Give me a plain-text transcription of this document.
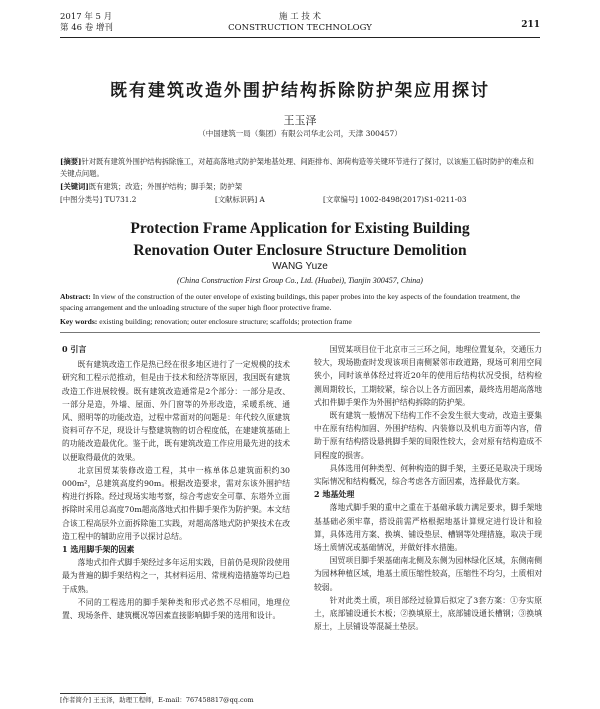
2017 年 5 月
第 46 卷 增刊
施 工 技 术
CONSTRUCTION TECHNOLOGY	211
既有建筑改造外围护结构拆除防护架应用探讨
王玉泽
（中国建筑一局（集团）有限公司华北公司，天津 300457）
[摘要]针对既有建筑外围护结构拆除施工，对超高落地式防护架地基处理、间距排布、卸荷构造等关键环节进行了探讨，以该施工临时防护的难点和关键点问题。
[关键词]既有建筑；改造；外围护结构；脚手架；防护架
[中图分类号] TU731.2	[文献标识码] A	[文章编号] 1002-8498(2017)S1-0211-03
Protection Frame Application for Existing Building
Renovation Outer Enclosure Structure Demolition
WANG Yuze
(China Construction First Group Co., Ltd. (Huabei), Tianjin 300457, China)
Abstract: In view of the construction of the outer envelope of existing buildings, this paper probes into the key aspects of the foundation treatment, the spacing arrangement and the unloading structure of the super high floor protective frame.
Key words: existing building; renovation; outer enclosure structure; scaffolds; protection frame
0 引言

既有建筑改造工作是热已经在很多地区进行了一定规模的技术研究和工程示范推动，但是由于技术和经济等原因，我国既有建筑改造工作进展较慢。既有建筑改造通常是2个部分：一部分是改、一部分是造，外墙、屋面、外门窗等的外形改造，采暖系统、通风、照明等的功能改造，过程中常面对的问题是：年代较久原建筑资料可存不足，现设计与整建筑物的切合程度低，在建建筑基础上的功能改造最优化。鉴于此，既有建筑改造工作应用最先进的技术以便取得最优的效果。

北京国贸某装修改造工程，其中一栋单体总建筑面积约30 000m²，总建筑高度约90m。根据改造要求，需对东该外围护结构进行拆除。经过现场实地考察，综合考虑安全可靠、东塔外立面拆除时采用总高度70m超高落地式扣件脚手架作为防护架。本文结合该工程高层外立面拆除施工实践，对超高落地式防护架技术在改造工程中的辅助应用予以探讨总结。

1 选用脚手架的因素

落地式扣件式脚手架经过多年运用实践，目前仍是现阶段使用最为普遍的脚手架结构之一，其材料运用、常规构造措施等均已趋于成熟。

不同的工程选用的脚手架种类和形式必然不尽相同，地理位置、现场条件、建筑概况等因素直接影响脚手架的选用和设计。

国贸某项目位于北京市三三环之间，地理位置复杂，交通压力较大，现场勘查时发现该项目南侧紧邻市政道路，现场可利用空间狭小，同时该单体经过将近20年的使用后结构状况受损，结构检测周期较长，工期较紧，综合以上各方面因素，最终选用超高落地式扣件脚手架作为外围护结构拆除的防护架。

既有建筑一般情况下结构工作不会发生很大变动，改造主要集中在原有结构加固、外围护结构、内装修以及机电方面等内容，借助于原有结构搭设悬挑脚手架的局限性较大，会对原有结构造成不同程度的损害。

具体选用何种类型、何种构造的脚手架，主要还是取决于现场实际情况和结构概况，综合考虑各方面因素，选择最优方案。

2 地基处理

落地式脚手架的重中之重在于基础承载力满足要求，脚手架地基基础必须牢靠，搭设前需严格根据地基计算规定进行设计和验算，具体选用方案、换填、铺设垫层、槽钢等处理措施，取决于现场土质情况或基础情况，并做好排水措施。

国贸项目脚手架基础南北侧及东侧为园林绿化区域，东侧南侧为园林种植区域，地基土质压缩性较高，压缩性不均匀，土质相对较弱。

针对此类土质，项目部经过验算后拟定了3套方案：①夯实原土，底部铺设通长木板；②换填原土，底部铺设通长槽钢；③换填原土，上层铺设等混凝土垫层。

[作者简介] 王玉泽，助理工程师，E-mail：767458817@qq.com
